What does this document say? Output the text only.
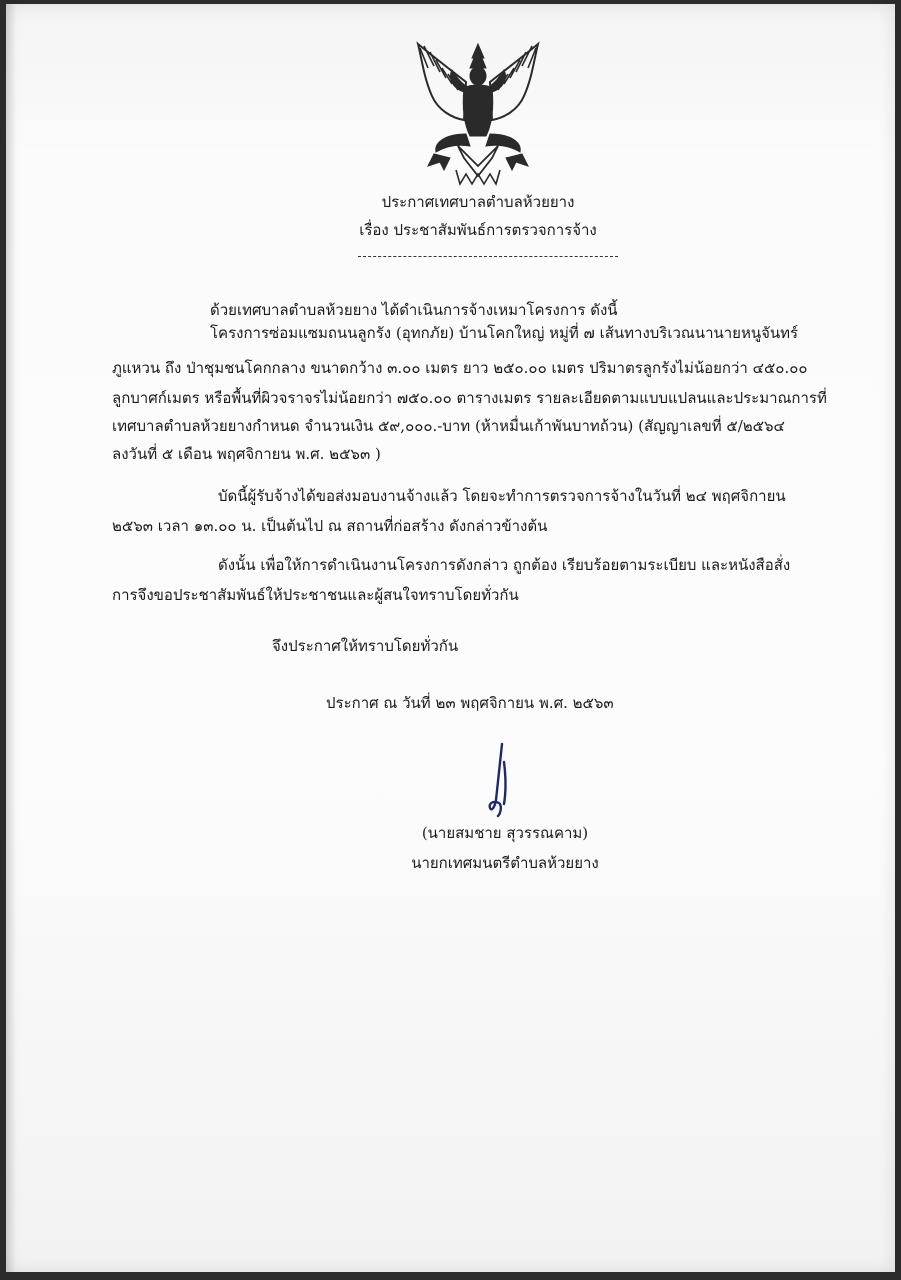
ประกาศเทศบาลตำบลห้วยยาง
เรื่อง ประชาสัมพันธ์การตรวจการจ้าง
ด้วยเทศบาลตำบลห้วยยาง ได้ดำเนินการจ้างเหมาโครงการ ดังนี้
โครงการซ่อมแซมถนนลูกรัง (อุทกภัย) บ้านโคกใหญ่ หมู่ที่ ๗ เส้นทางบริเวณนานายหนูจันทร์
ภูแหวน ถึง ป่าชุมชนโคกกลาง ขนาดกว้าง ๓.๐๐ เมตร ยาว ๒๕๐.๐๐ เมตร ปริมาตรลูกรังไม่น้อยกว่า ๔๕๐.๐๐
ลูกบาศก์เมตร หรือพื้นที่ผิวจราจรไม่น้อยกว่า ๗๕๐.๐๐ ตารางเมตร รายละเอียดตามแบบแปลนและประมาณการที่
เทศบาลตำบลห้วยยางกำหนด จำนวนเงิน ๕๙,๐๐๐.-บาท (ห้าหมื่นเก้าพันบาทถ้วน) (สัญญาเลขที่ ๕/๒๕๖๔
ลงวันที่ ๕ เดือน พฤศจิกายน พ.ศ. ๒๕๖๓ )
บัดนี้ผู้รับจ้างได้ขอส่งมอบงานจ้างแล้ว โดยจะทำการตรวจการจ้างในวันที่ ๒๔ พฤศจิกายน
๒๕๖๓ เวลา ๑๓.๐๐ น. เป็นต้นไป ณ สถานที่ก่อสร้าง ดังกล่าวข้างต้น
ดังนั้น เพื่อให้การดำเนินงานโครงการดังกล่าว ถูกต้อง เรียบร้อยตามระเบียบ และหนังสือสั่ง
การจึงขอประชาสัมพันธ์ให้ประชาชนและผู้สนใจทราบโดยทั่วกัน
จึงประกาศให้ทราบโดยทั่วกัน
ประกาศ ณ วันที่ ๒๓ พฤศจิกายน พ.ศ. ๒๕๖๓
(นายสมชาย สุวรรณคาม)
นายกเทศมนตรีตำบลห้วยยาง
